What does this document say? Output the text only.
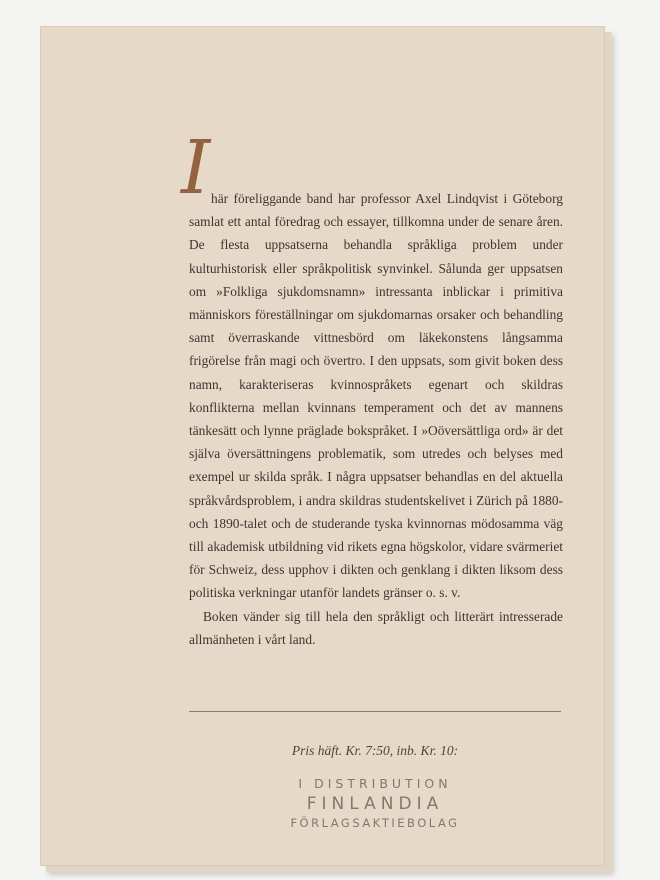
I här föreliggande band har professor Axel Lindqvist i Göteborg samlat ett antal föredrag och essayer, tillkomna under de senare åren. De flesta uppsatserna behandla språkliga problem under kulturhistorisk eller språkpolitisk synvinkel. Sålunda ger uppsatsen om »Folkliga sjukdomsnamn» intressanta inblickar i primitiva människors föreställningar om sjukdomarnas orsaker och behandling samt överraskande vittnesbörd om läkekonstens långsamma frigörelse från magi och övertro. I den uppsats, som givit boken dess namn, karakteriseras kvinnospråkets egenart och skildras konflikterna mellan kvinnans temperament och det av mannens tänkesätt och lynne präglade bokspråket. I »Oöversättliga ord» är det själva översättningens problematik, som utredes och belyses med exempel ur skilda språk. I några uppsatser behandlas en del aktuella språkvårdsproblem, i andra skildras studentskelivet i Zürich på 1880- och 1890-talet och de studerande tyska kvinnornas mödosamma väg till akademisk utbildning vid rikets egna högskolor, vidare svärmeriet för Schweiz, dess upphov i dikten och genklang i dikten liksom dess politiska verkningar utanför landets gränser o. s. v.

Boken vänder sig till hela den språkligt och litterärt intresserade allmänheten i vårt land.

Pris häft. Kr. 7:50, inb. Kr. 10:
I DISTRIBUTION
FINLANDIA
FÖRLAGSAKTIEBOLAG
